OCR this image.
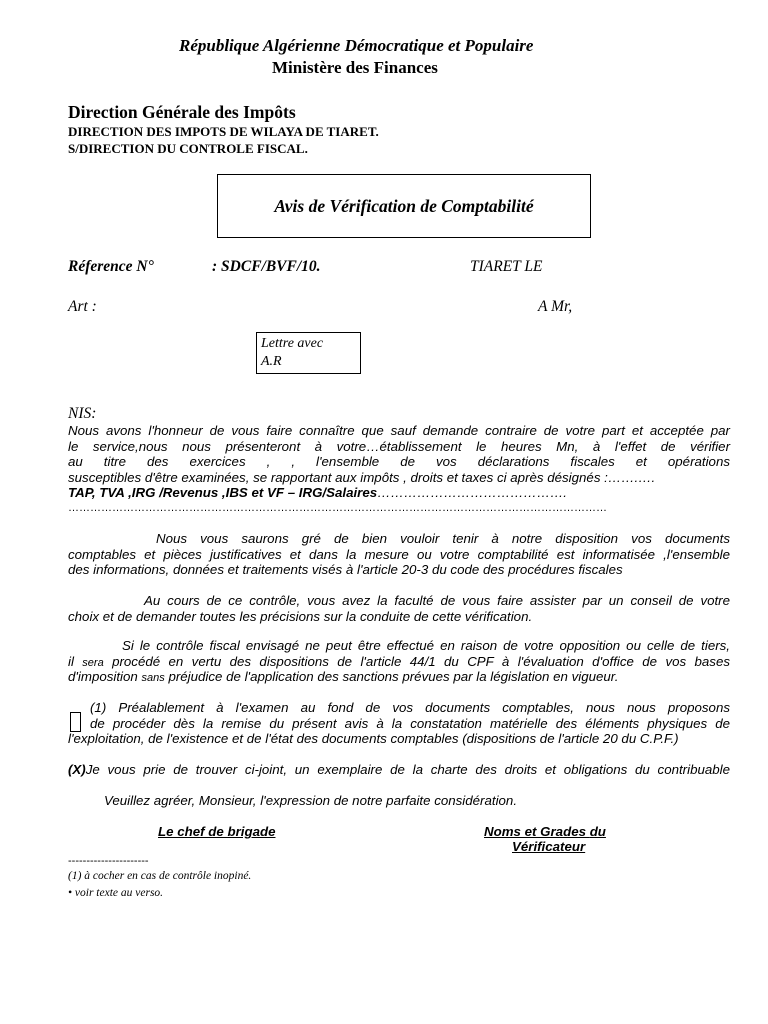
République Algérienne Démocratique et Populaire
Ministère des Finances
Direction Générale des Impôts
DIRECTION DES IMPOTS DE WILAYA DE TIARET.
S/DIRECTION DU CONTROLE FISCAL.
Avis de Vérification de Comptabilité
Réference N°	: SDCF/BVF/10.	TIARET LE
Art :	A Mr,
Lettre avec
A.R
NIS:
Nous avons l'honneur de vous faire connaître que sauf demande contraire de votre part et acceptée par
le service,nous nous présenteront à votre…établissement le heures Mn, à l'effet de vérifier
au titre des exercices , , l'ensemble de vos déclarations fiscales et opérations
susceptibles d'être examinées, se rapportant aux impôts , droits et taxes ci après désignés :…….….
TAP, TVA ,IRG /Revenus ,IBS et VF – IRG/Salaires…………………………………….
…………………………………………………………………………………………………………………………………
Nous vous saurons gré de bien vouloir tenir à notre disposition vos documents
comptables et pièces justificatives et dans la mesure ou votre comptabilité est informatisée ,l'ensemble
des informations, données et traitements visés à l'article 20-3 du code des procédures fiscales
Au cours de ce contrôle, vous avez la faculté de vous faire assister par un conseil de votre
choix et de demander toutes les précisions sur la conduite de cette vérification.
Si le contrôle fiscal envisagé ne peut être effectué en raison de votre opposition ou celle de tiers,
il sera procédé en vertu des dispositions de l'article 44/1 du CPF à l'évaluation d'office de vos bases
d'imposition sans préjudice de l'application des sanctions prévues par la législation en vigueur.
(1) Préalablement à l'examen au fond de vos documents comptables, nous nous proposons
de procéder dès la remise du présent avis à la constatation matérielle des éléments physiques de
l'exploitation, de l'existence et de l'état des documents comptables (dispositions de l'article 20 du C.P.F.)
(X)Je vous prie de trouver ci-joint, un exemplaire de la charte des droits et obligations du contribuable
Veuillez agréer, Monsieur, l'expression de notre parfaite considération.
Le chef de brigade	Noms et Grades du
Vérificateur
----------------------
(1) à cocher en cas de contrôle inopiné.
• voir texte au verso.
